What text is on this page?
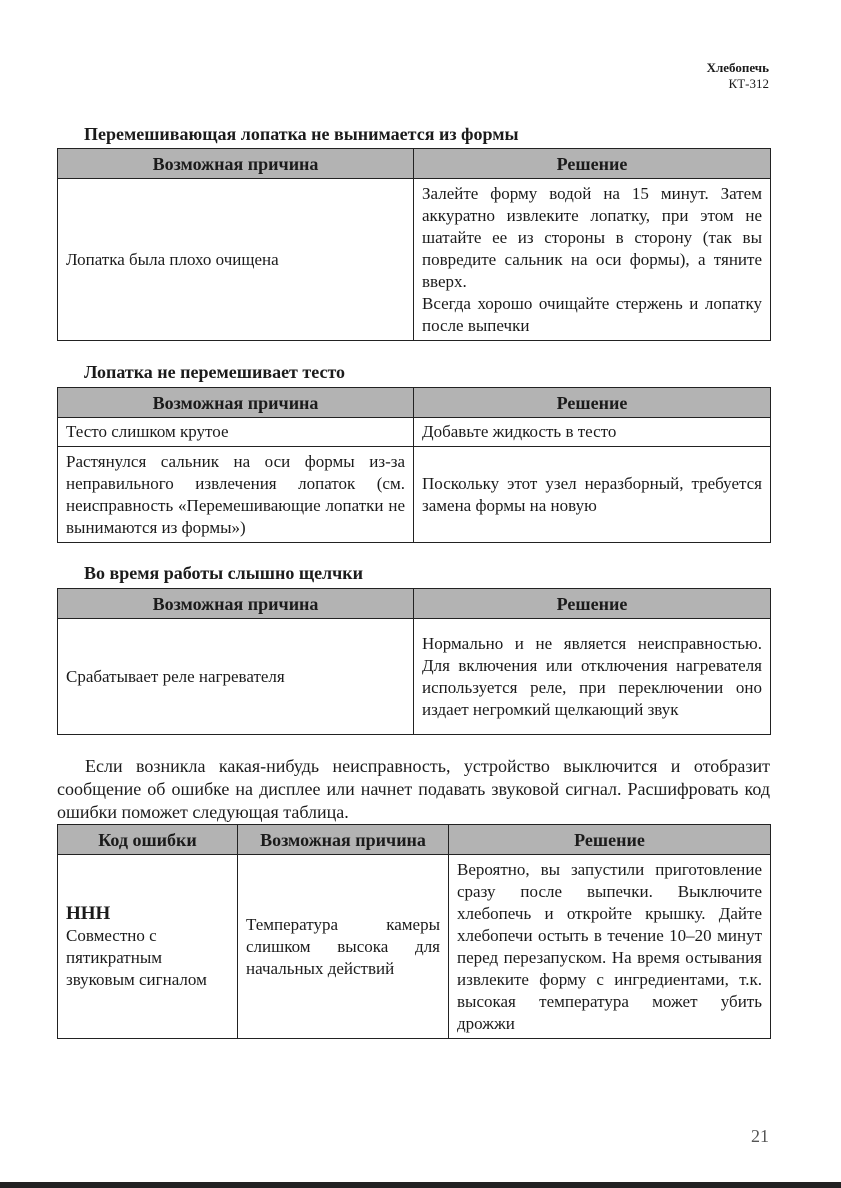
Хлебопечь
КТ-312
Перемешивающая лопатка не вынимается из формы
Возможная причина	Решение
Лопатка была плохо очищена	Залейте форму водой на 15 минут. Затем аккуратно извлеките лопатку, при этом не шатайте ее из стороны в сторону (так вы повредите сальник на оси формы), а тяните вверх.
Всегда хорошо очищайте стержень и лопатку после выпечки
Лопатка не перемешивает тесто
Возможная причина	Решение
Тесто слишком крутое	Добавьте жидкость в тесто
Растянулся сальник на оси формы из-за неправильного извлечения лопаток (см. неисправность «Перемешивающие лопатки не вынимаются из формы»)	Поскольку этот узел неразборный, требуется замена формы на новую
Во время работы слышно щелчки
Возможная причина	Решение
Срабатывает реле нагревателя	Нормально и не является неисправностью. Для включения или отключения нагревателя используется реле, при переключении оно издает негромкий щелкающий звук
Если возникла какая-нибудь неисправность, устройство выключится и отобразит сообщение об ошибке на дисплее или начнет подавать звуковой сигнал. Расшифровать код ошибки поможет следующая таблица.
Код ошибки	Возможная причина	Решение

HHH
Совместно с пятикратным звуковым сигналом	Температура камеры слишком высока для начальных действий	Вероятно, вы запустили приготовление сразу после выпечки. Выключите хлебопечь и откройте крышку. Дайте хлебопечи остыть в течение 10–20 минут перед перезапуском. На время остывания извлеките форму с ингредиентами, т.к. высокая температура может убить дрожжи
21
